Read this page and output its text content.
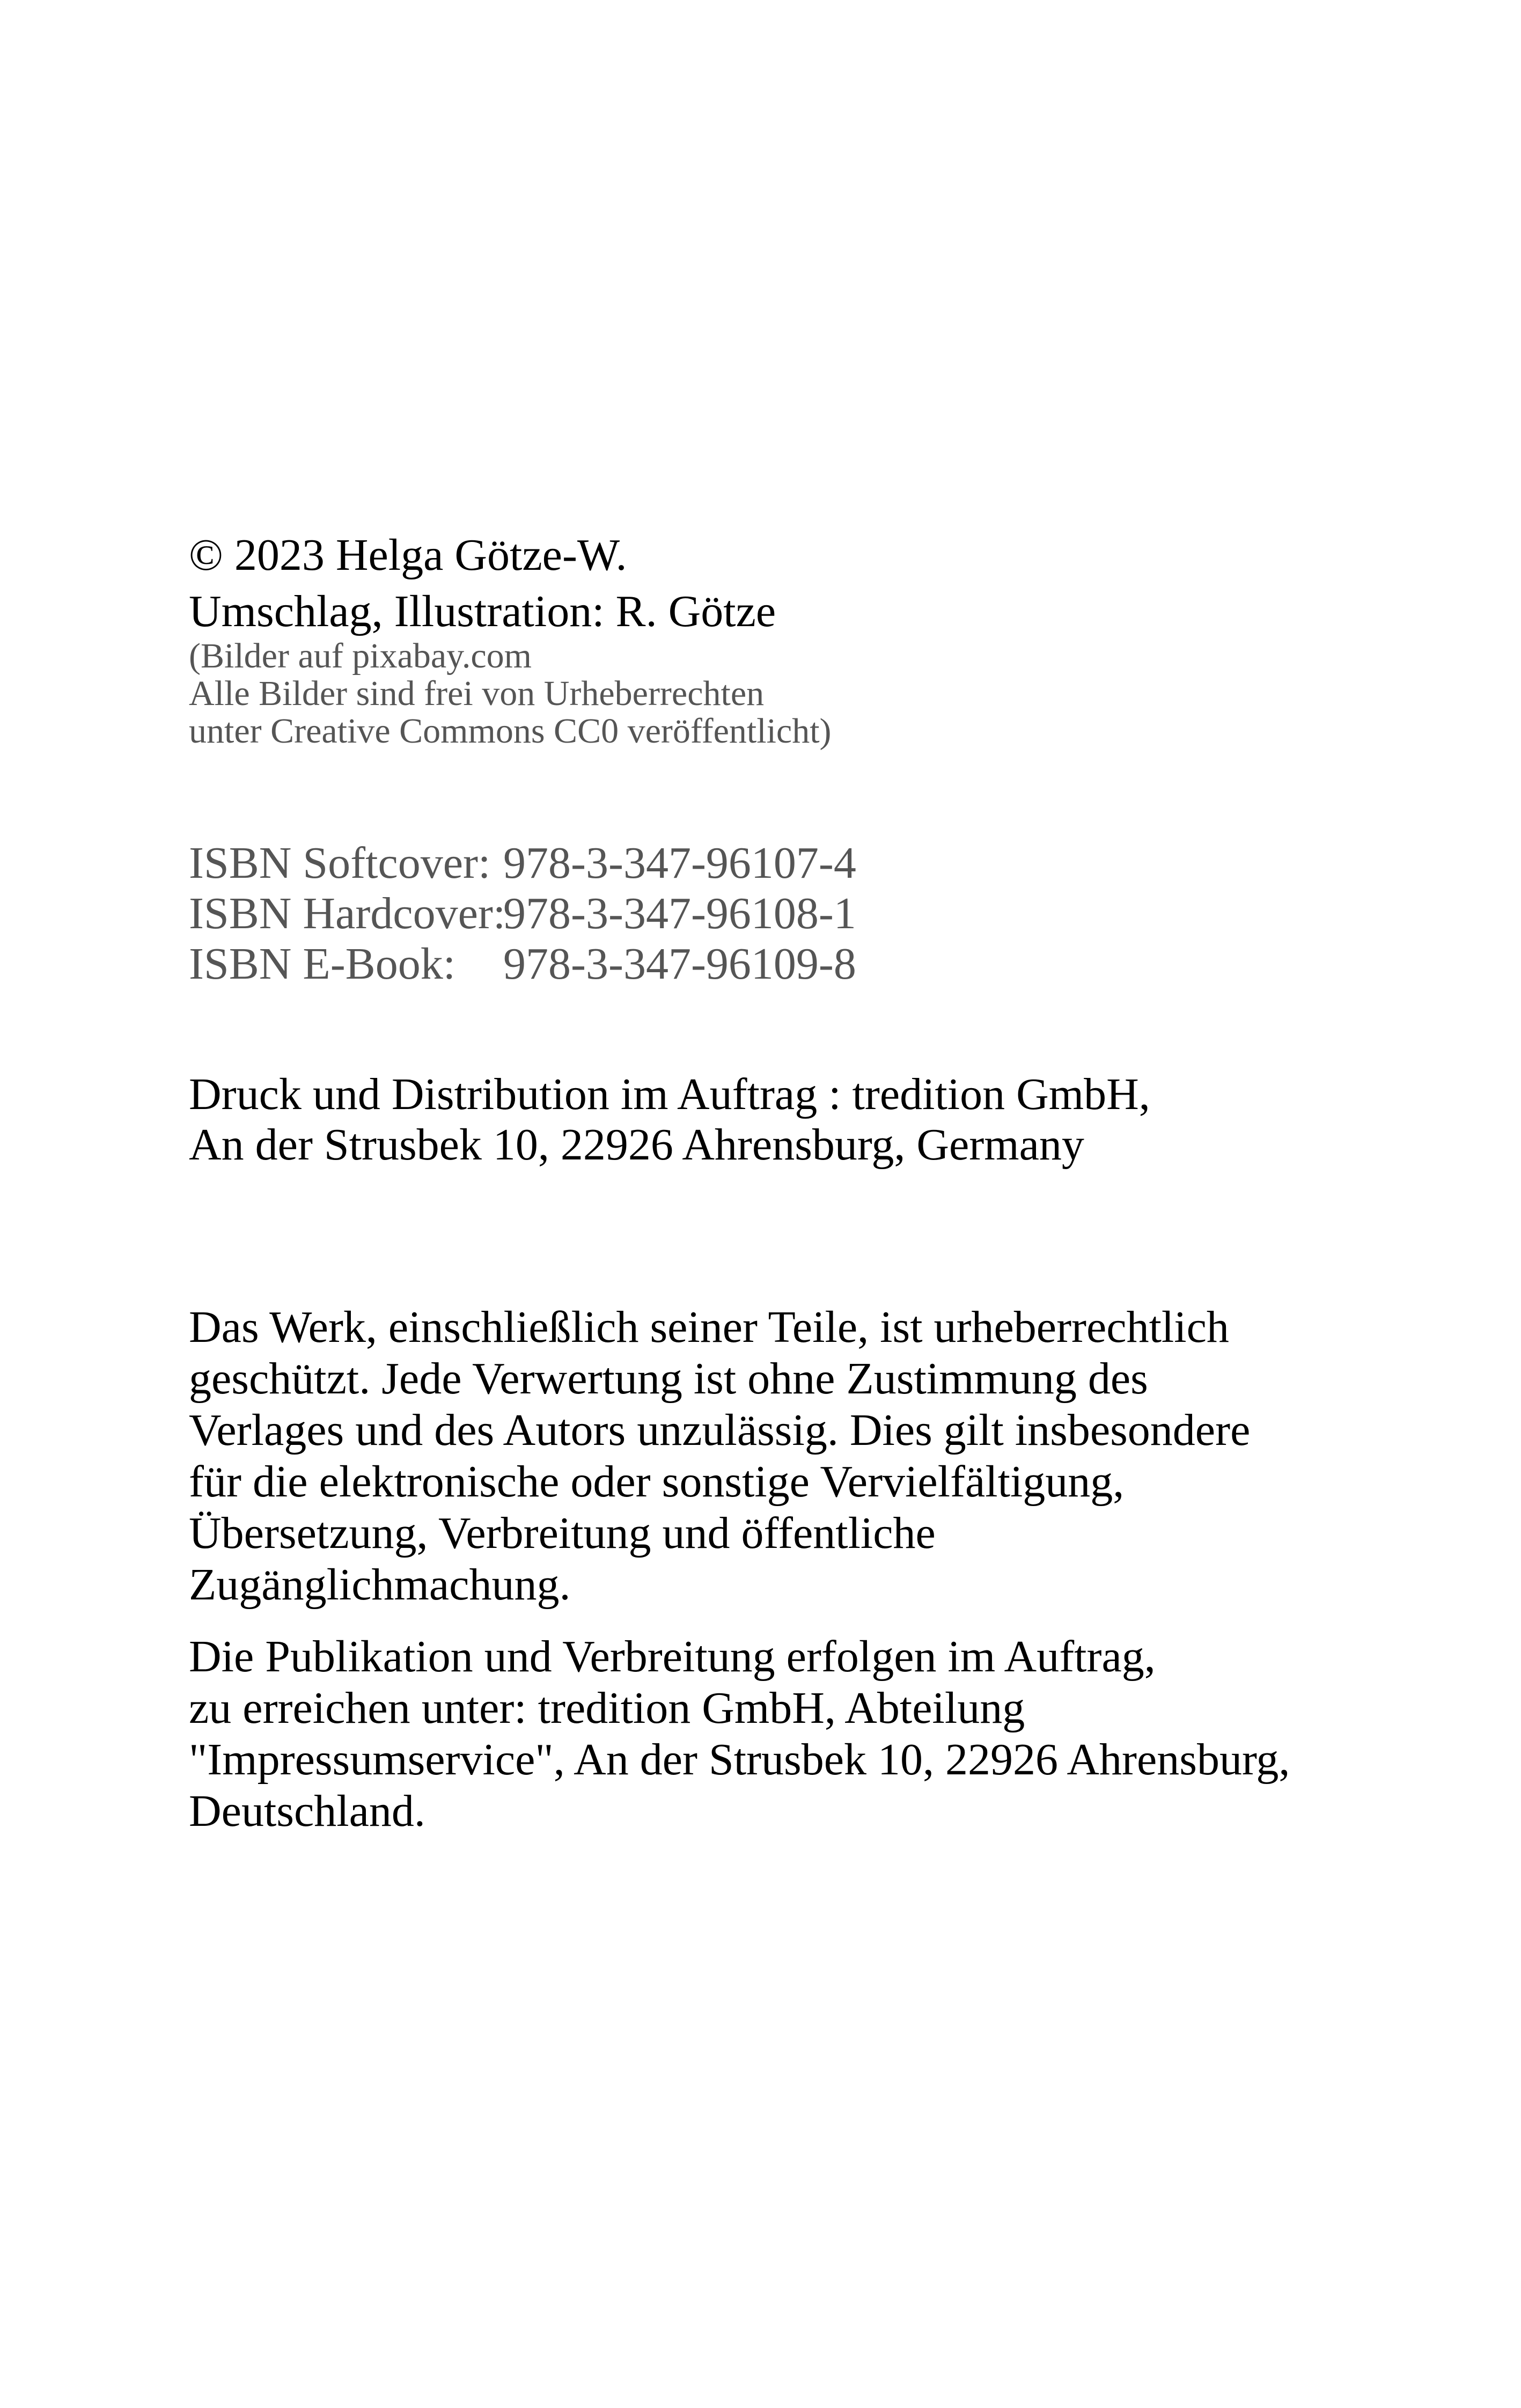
© 2023 Helga Götze-W.
Umschlag, Illustration: R. Götze
(Bilder auf pixabay.com
Alle Bilder sind frei von Urheberrechten
unter Creative Commons CC0 veröffentlicht)
ISBN Softcover: 978-3-347-96107-4
ISBN Hardcover:
978-3-347-96108-1
ISBN E-Book:	978-3-347-96109-8
Druck und Distribution im Auftrag : tredition GmbH,
An der Strusbek 10, 22926 Ahrensburg, Germany
Das Werk, einschließlich seiner Teile, ist urheberrechtlich
geschützt. Jede Verwertung ist ohne Zustimmung des
Verlages und des Autors unzulässig. Dies gilt insbesondere
für die elektronische oder sonstige Vervielfältigung,
Übersetzung, Verbreitung und öffentliche
Zugänglichmachung.
Die Publikation und Verbreitung erfolgen im Auftrag,
zu erreichen unter: tredition GmbH, Abteilung
"Impressumservice", An der Strusbek 10, 22926 Ahrensburg,
Deutschland.
